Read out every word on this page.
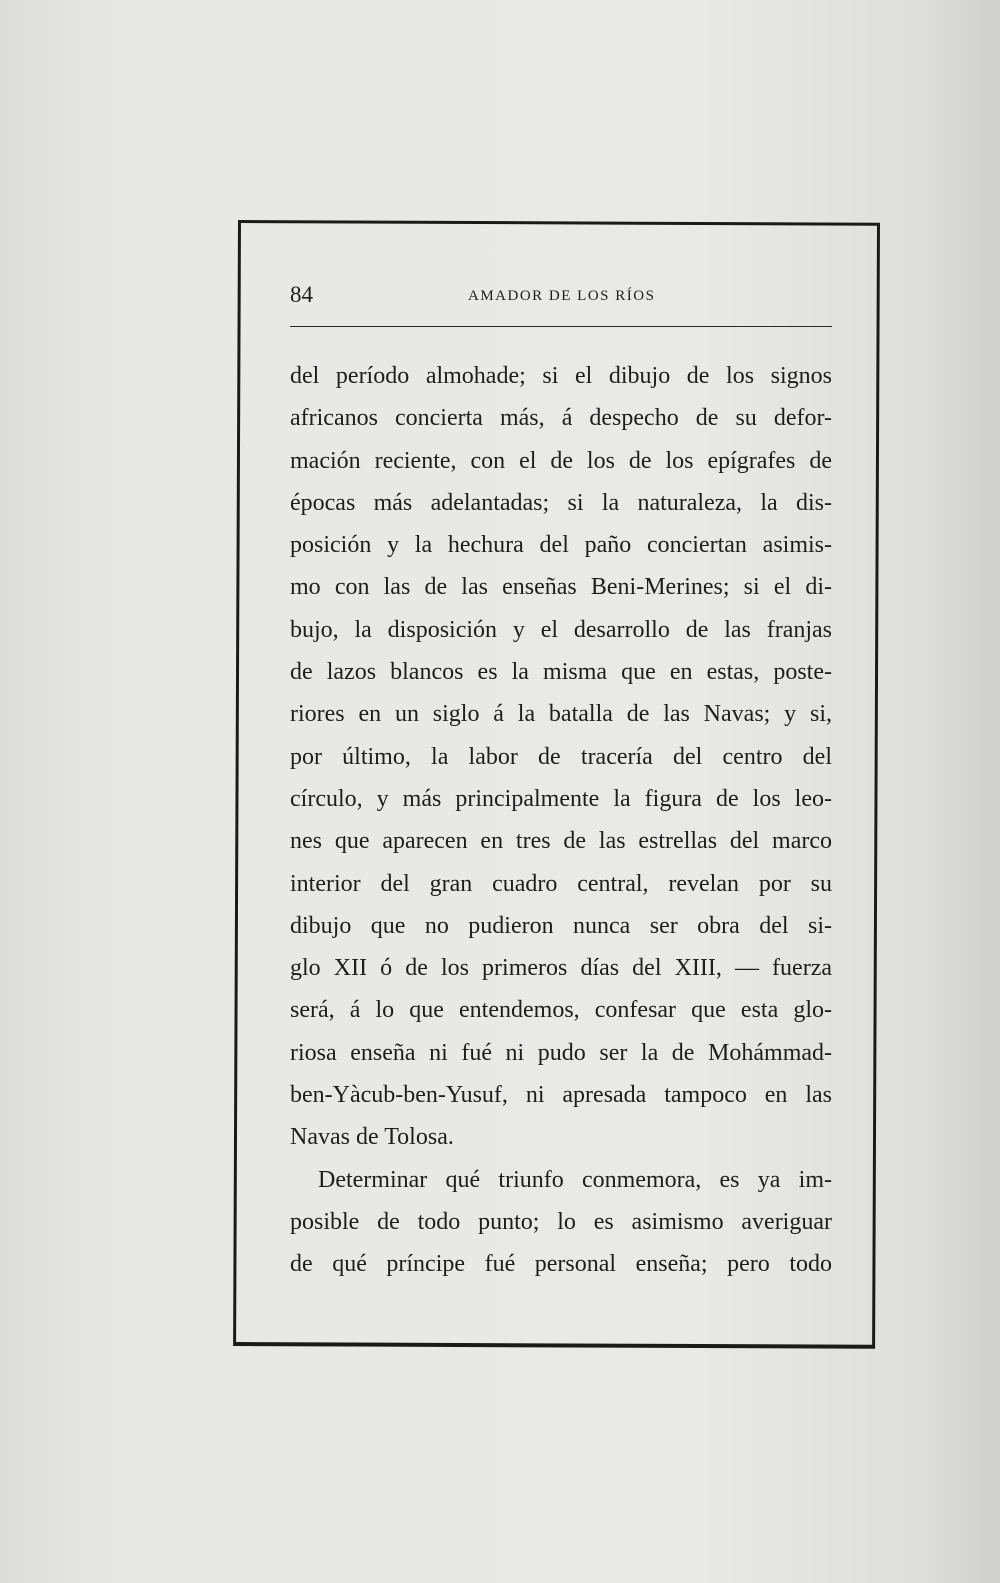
84	AMADOR DE LOS RÍOS
del período almohade; si el dibujo de los signos
africanos concierta más, á despecho de su defor-
mación reciente, con el de los de los epígrafes de
épocas más adelantadas; si la naturaleza, la dis-
posición y la hechura del paño conciertan asimis-
mo con las de las enseñas Beni-Merines; si el di-
bujo, la disposición y el desarrollo de las franjas
de lazos blancos es la misma que en estas, poste-
riores en un siglo á la batalla de las Navas; y si,
por último, la labor de tracería del centro del
círculo, y más principalmente la figura de los leo-
nes que aparecen en tres de las estrellas del marco
interior del gran cuadro central, revelan por su
dibujo que no pudieron nunca ser obra del si-
glo XII ó de los primeros días del XIII, — fuerza
será, á lo que entendemos, confesar que esta glo-
riosa enseña ni fué ni pudo ser la de Mohámmad-
ben-Yàcub-ben-Yusuf, ni apresada tampoco en las
Navas de Tolosa.
Determinar qué triunfo conmemora, es ya im-
posible de todo punto; lo es asimismo averiguar
de qué príncipe fué personal enseña; pero todo
